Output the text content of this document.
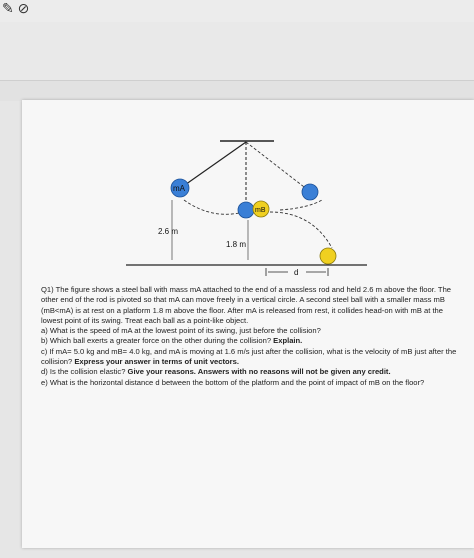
✎ ⊘
mA
mB
2.6 m
1.8 m
d

Q1) The figure shows a steel ball with mass mA attached to the end of a massless rod and held 2.6 m above the floor. The other end of the rod is pivoted so that mA can move freely in a vertical circle. A second steel ball with a smaller mass mB (mB<mA) is at rest on a platform 1.8 m above the floor. After mA is released from rest, it collides head-on with mB at the lowest point of its swing. Treat each ball as a point-like object.

a) What is the speed of mA at the lowest point of its swing, just before the collision?

b) Which ball exerts a greater force on the other during the collision? Explain.

c) If mA= 5.0 kg and mB= 4.0 kg, and mA is moving at 1.6 m/s just after the collision, what is the velocity of mB just after the collision? Express your answer in terms of unit vectors.

d) Is the collision elastic? Give your reasons. Answers with no reasons will not be given any credit.

e) What is the horizontal distance d between the bottom of the platform and the point of impact of mB on the floor?
